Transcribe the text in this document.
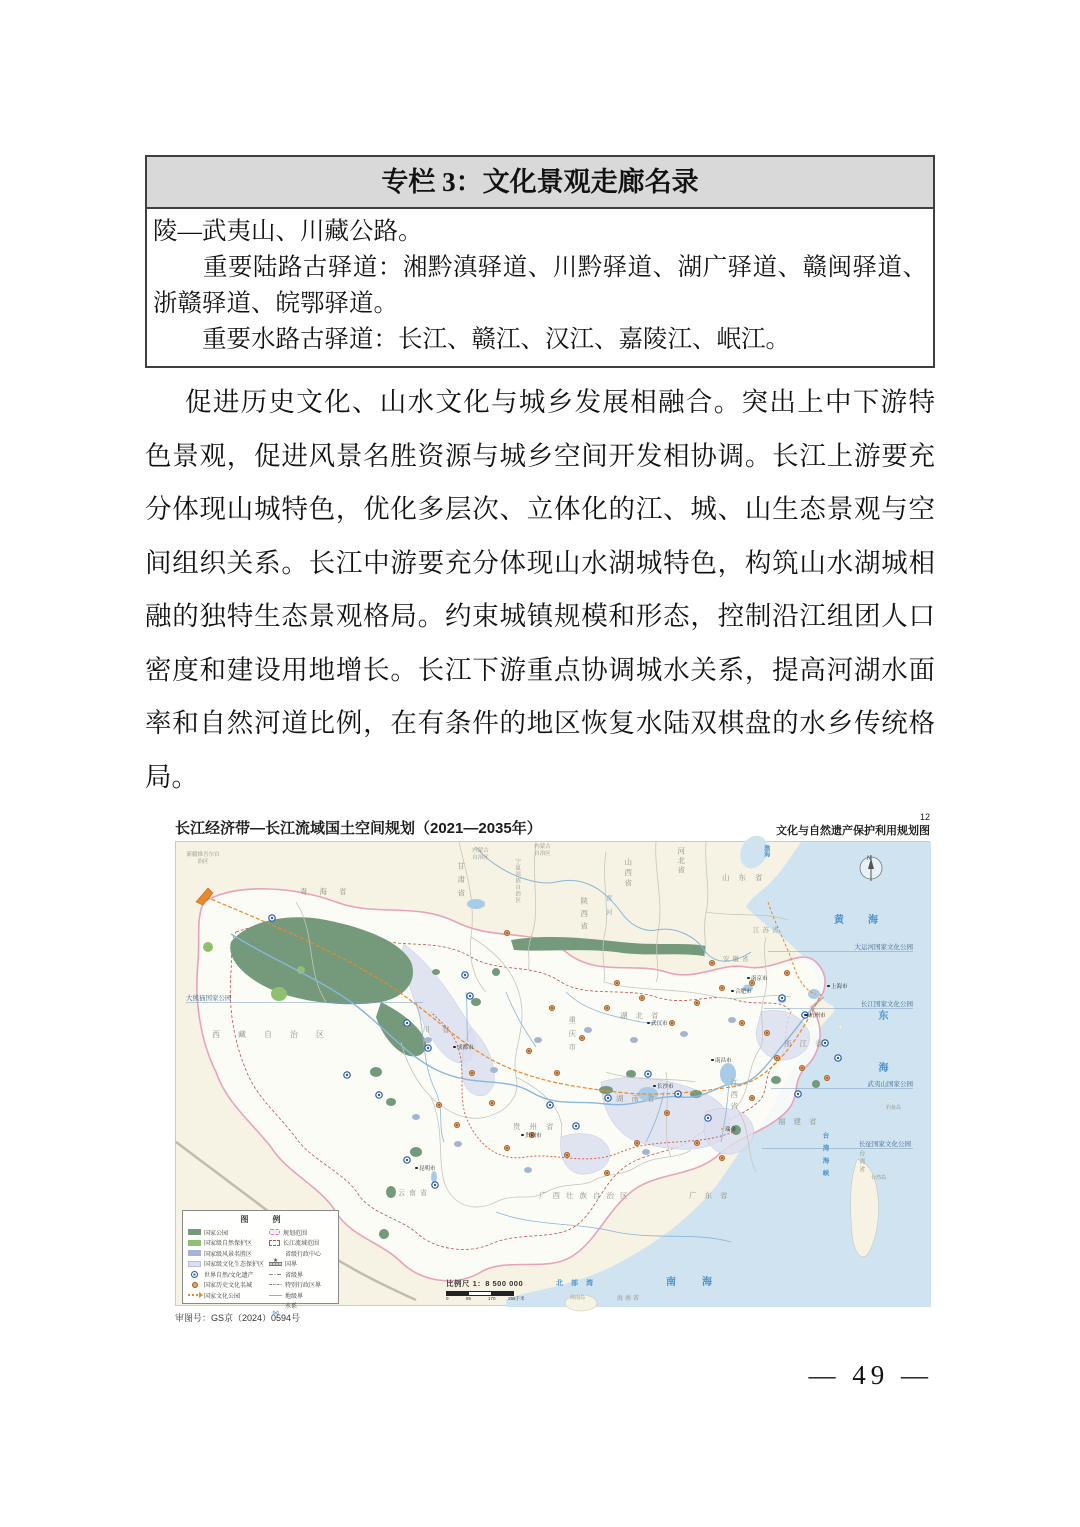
专栏 3：文化景观走廊名录
陵—武夷山、川藏公路。
　　重要陆路古驿道：湘黔滇驿道、川黔驿道、湖广驿道、赣闽驿道、
浙赣驿道、皖鄂驿道。
　　重要水路古驿道：长江、赣江、汉江、嘉陵江、岷江。
促进历史文化、山水文化与城乡发展相融合。突出上中下游特
色景观，促进风景名胜资源与城乡空间开发相协调。长江上游要充
分体现山城特色，优化多层次、立体化的江、城、山生态景观与空
间组织关系。长江中游要充分体现山水湖城特色，构筑山水湖城相
融的独特生态景观格局。约束城镇规模和形态，控制沿江组团人口
密度和建设用地增长。长江下游重点协调城水关系，提高河湖水面
率和自然河道比例，在有条件的地区恢复水陆双棋盘的水乡传统格
局。
长江经济带—长江流域国土空间规划（2021—2035年）
12
文化与自然遗产保护利用规划图
渤海
黄海
东海
台湾海峡
北部湾	南海
新疆维吾尔自治区
青海省	甘肃省
内蒙古自治区
内蒙古自治区
宁夏回族自治区
陕西省
山西省	河北省
山东省
河南省
安徽省
江苏省
西藏自治区
四川省	重庆市
湖北省
湖南省	江西省
贵州省
云南省	广西壮族自治区	广东省
福建省
浙江省
台湾省
海南省
黄河
成都市
武汉市
长沙市
南昌市
合肥市
南京市
上海市
杭州市
贵阳市
昆明市
瑞金
台湾岛
海南岛
钓鱼岛
大熊猫国家公园
大运河国家文化公园
长江国家文化公园
武夷山国家公园
长征国家文化公园
N
图　例
国家公园
国家级自然保护区
国家级风景名胜区
国家级文化生态保护区
世界自然/文化遗产
国家历史文化名城
国家文化公园
规划范围
长江流域范围
★
省级行政中心
国界
省级界
特别行政区界
地级界
⋈
水系
比例尺 1：8 500 000
0	85	170	255千米
审图号：GS京（2024）0594号
— 49 —
